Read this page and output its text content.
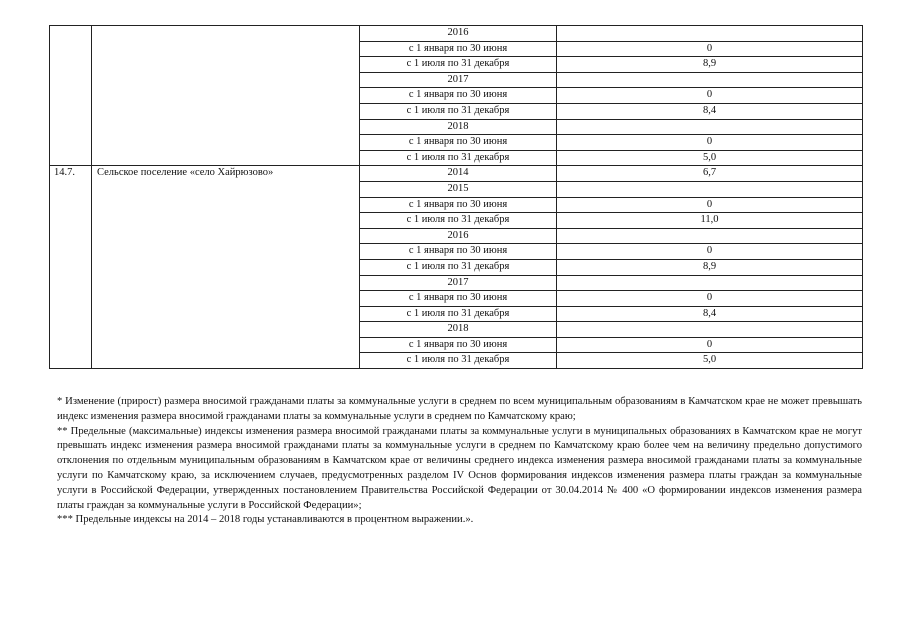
		2016	
		с 1 января по 30 июня	0
		с 1 июля по 31 декабря	8,9
		2017	
		с 1 января по 30 июня	0
		с 1 июля по 31 декабря	8,4
		2018	
		с 1 января по 30 июня	0
		с 1 июля по 31 декабря	5,0
14.7.	Сельское поселение «село Хайрюзово»	2014	6,7
		2015	
		с 1 января по 30 июня	0
		с 1 июля по 31 декабря	11,0
		2016	
		с 1 января по 30 июня	0
		с 1 июля по 31 декабря	8,9
		2017	
		с 1 января по 30 июня	0
		с 1 июля по 31 декабря	8,4
		2018	
		с 1 января по 30 июня	0
		с 1 июля по 31 декабря	5,0

* Изменение (прирост) размера вносимой гражданами платы за коммунальные услуги в среднем по всем муниципальным образованиям в Камчатском крае не может превышать индекс изменения размера вносимой гражданами платы за коммунальные услуги в среднем по Камчатскому краю;

** Предельные (максимальные) индексы изменения размера вносимой гражданами платы за коммунальные услуги в муниципальных образованиях в Камчатском крае не могут превышать индекс изменения размера вносимой гражданами платы за коммунальные услуги в среднем по Камчатскому краю более чем на величину предельно допустимого отклонения по отдельным муниципальным образованиям в Камчатском крае от величины среднего индекса изменения размера вносимой гражданами платы за коммунальные услуги по Камчатскому краю, за исключением случаев, предусмотренных разделом IV Основ формирования индексов изменения размера платы граждан за коммунальные услуги в Российской Федерации, утвержденных постановлением Правительства Российской Федерации от 30.04.2014 № 400 «О формировании индексов изменения размера платы граждан за коммунальные услуги в Российской Федерации»;

*** Предельные индексы на 2014 – 2018 годы устанавливаются в процентном выражении.».
